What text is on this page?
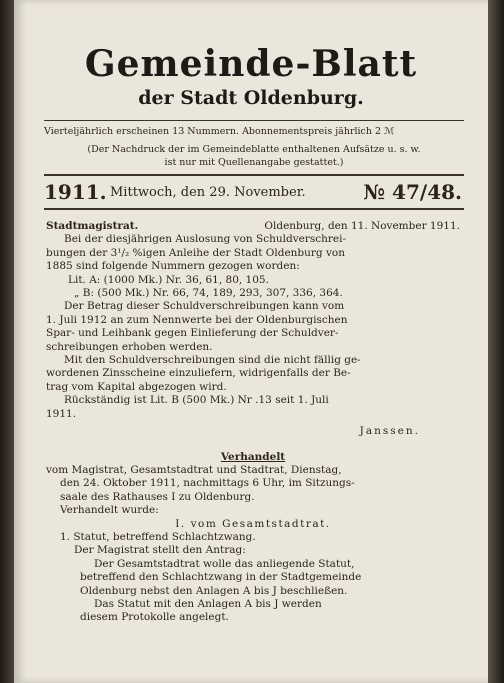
Gemeinde-Blatt
der Stadt Oldenburg.
Vierteljährlich erscheinen 13 Nummern. Abonnementspreis jährlich 2 ℳ
(Der Nachdruck der im Gemeindeblatte enthaltenen Aufsätze u. s. w.
ist nur mit Quellenangabe gestattet.)
1911. Mittwoch, den 29. November.	№ 47/48.
Stadtmagistrat.	Oldenburg, den 11. November 1911.
Bei der diesjährigen Auslosung von Schuldverschrei-
bungen der 3¹/₂ %igen Anleihe der Stadt Oldenburg von
1885 sind folgende Nummern gezogen worden:
Lit. A: (1000 Mk.) Nr. 36, 61, 80, 105.
„ B: (500 Mk.) Nr. 66, 74, 189, 293, 307, 336, 364.
Der Betrag dieser Schuldverschreibungen kann vom
1. Juli 1912 an zum Nennwerte bei der Oldenburgischen
Spar- und Leihbank gegen Einlieferung der Schuldver-
schreibungen erhoben werden.
Mit den Schuldverschreibungen sind die nicht fällig ge-
wordenen Zinsscheine einzuliefern, widrigenfalls der Be-
trag vom Kapital abgezogen wird.
Rückständig ist Lit. B (500 Mk.) Nr .13 seit 1. Juli
1911.
Janssen.
Verhandelt
vom Magistrat, Gesamtstadtrat und Stadtrat, Dienstag,
den 24. Oktober 1911, nachmittags 6 Uhr, im Sitzungs-
saale des Rathauses I zu Oldenburg.
Verhandelt wurde:
I. vom Gesamtstadtrat.
1. Statut, betreffend Schlachtzwang.
Der Magistrat stellt den Antrag:
Der Gesamtstadtrat wolle das anliegende Statut,
betreffend den Schlachtzwang in der Stadtgemeinde
Oldenburg nebst den Anlagen A bis J beschließen.
Das Statut mit den Anlagen A bis J werden
diesem Protokolle angelegt.
